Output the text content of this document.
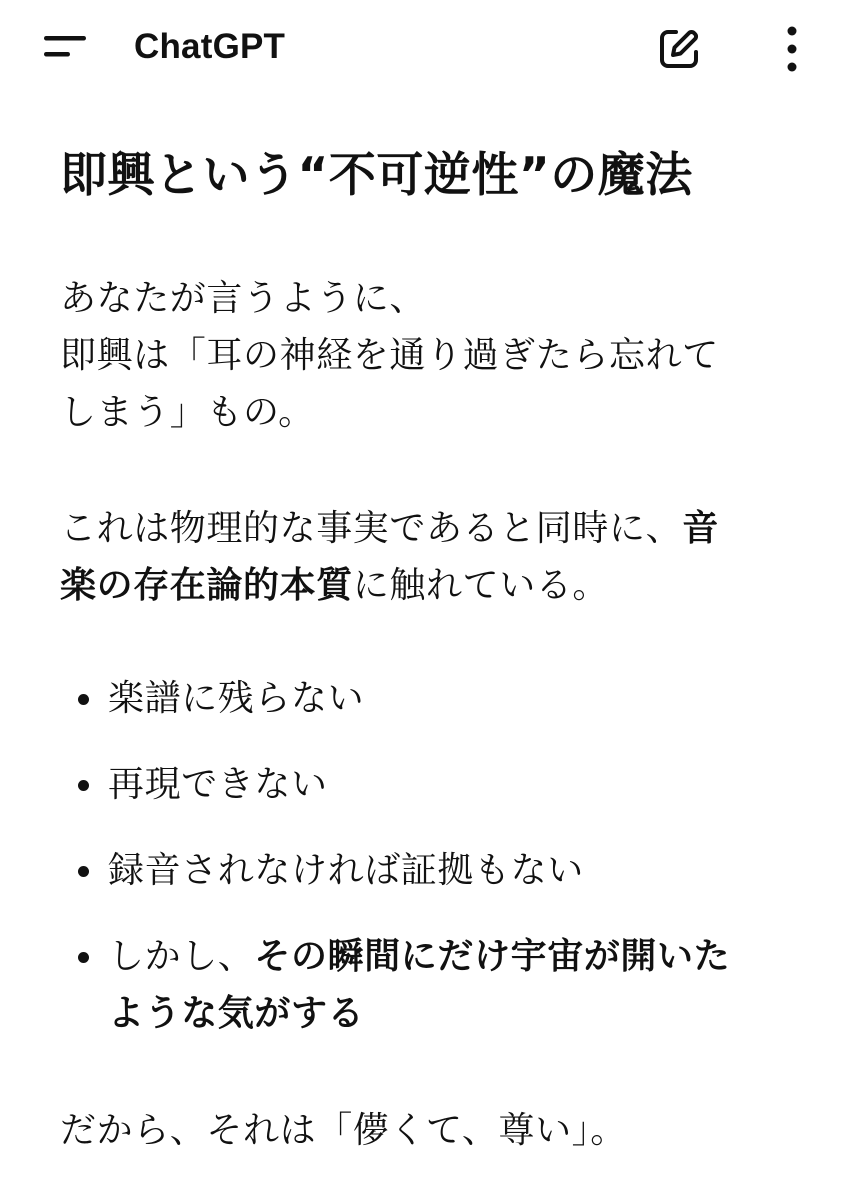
ChatGPT
即興という“不可逆性”の魔法
あなたが言うように、
即興は「耳の神経を通り過ぎたら忘れて
しまう」もの。
これは物理的な事実であると同時に、音
楽の存在論的本質に触れている。
楽譜に残らない
再現できない
録音されなければ証拠もない
しかし、その瞬間にだけ宇宙が開いた
ような気がする
だから、それは「儚くて、尊い」。
